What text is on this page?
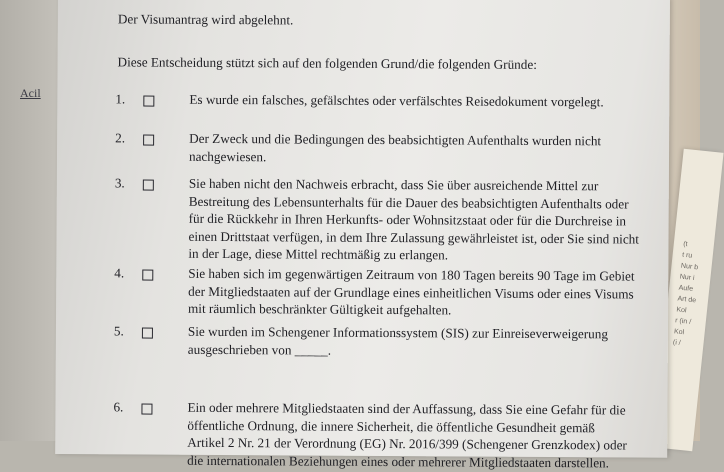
Acil
(t
t ru
Nur b
Nur i
Aufe
Art de
Kol
r (in /
Kol
(i /
Der Visumantrag wird abgelehnt.
Diese Entscheidung stützt sich auf den folgenden Grund/die folgenden Gründe:
1.	Es wurde ein falsches, gefälschtes oder verfälschtes Reisedokument vorgelegt.
2.	Der Zweck und die Bedingungen des beabsichtigten Aufenthalts wurden nicht
nachgewiesen.
3.	Sie haben nicht den Nachweis erbracht, dass Sie über ausreichende Mittel zur
Bestreitung des Lebensunterhalts für die Dauer des beabsichtigten Aufenthalts oder
für die Rückkehr in Ihren Herkunfts- oder Wohnsitzstaat oder für die Durchreise in
einen Drittstaat verfügen, in dem Ihre Zulassung gewährleistet ist, oder Sie sind nicht
in der Lage, diese Mittel rechtmäßig zu erlangen.
4.	Sie haben sich im gegenwärtigen Zeitraum von 180 Tagen bereits 90 Tage im Gebiet
der Mitgliedstaaten auf der Grundlage eines einheitlichen Visums oder eines Visums
mit räumlich beschränkter Gültigkeit aufgehalten.
5.	Sie wurden im Schengener Informationssystem (SIS) zur Einreiseverweigerung
ausgeschrieben von _____.
6.	Ein oder mehrere Mitgliedstaaten sind der Auffassung, dass Sie eine Gefahr für die
öffentliche Ordnung, die innere Sicherheit, die öffentliche Gesundheit gemäß
Artikel 2 Nr. 21 der Verordnung (EG) Nr. 2016/399 (Schengener Grenzkodex) oder
die internationalen Beziehungen eines oder mehrerer Mitgliedstaaten darstellen.
